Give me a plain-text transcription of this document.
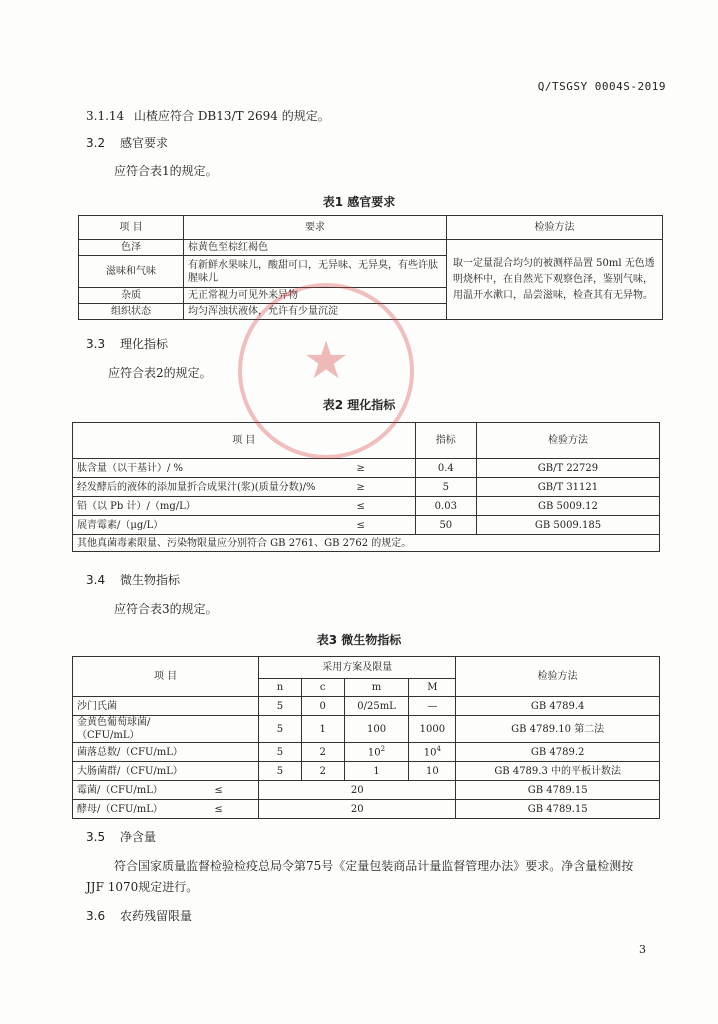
Q/TSGSY 0004S-2019
3.1.14 山楂应符合 DB13/T 2694 的规定。
3.2 感官要求
应符合表1的规定。
表1 感官要求
项 目	要求	检验方法
色泽	棕黄色至棕红褐色	取一定量混合均匀的被测样品置 50ml 无色透明烧杯中，在自然光下观察色泽，鉴别气味，用温开水漱口，品尝滋味，检查其有无异物。
滋味和气味	有新鲜水果味儿，酸甜可口，无异味、无异臭，有些许肽腥味儿	
杂质	无正常视力可见外来异物	
组织状态	均匀浑浊状液体，允许有少量沉淀	
3.3 理化指标
应符合表2的规定。
表2 理化指标
项 目		指标	检验方法
肽含量（以干基计）/ %	≥	0.4	GB/T 22729
经发酵后的液体的添加量折合成果汁(浆)(质量分数)/%	≥	5	GB/T 31121
铅（以 Pb 计）/（mg/L）	≤	0.03	GB 5009.12
展青霉素/（μg/L）	≤	50	GB 5009.185
其他真菌毒素限量、污染物限量应分别符合 GB 2761、GB 2762 的规定。			
3.4 微生物指标
应符合表3的规定。
表3 微生物指标
项 目		采用方案及限量				检验方法
		n	c	m	M	
沙门氏菌		5	0	0/25mL	—	GB 4789.4
金黄色葡萄球菌/（CFU/mL）		5	1	100	1000	GB 4789.10 第二法
菌落总数/（CFU/mL）		5	2	$10^2$	$10^4$	GB 4789.2
大肠菌群/（CFU/mL）		5	2	1	10	GB 4789.3 中的平板计数法
霉菌/（CFU/mL）	≤	20				GB 4789.15
酵母/（CFU/mL）	≤	20				GB 4789.15
3.5 净含量
符合国家质量监督检验检疫总局令第75号《定量包装商品计量监督管理办法》要求。净含量检测按
JJF 1070规定进行。
3.6 农药残留限量
3
★
